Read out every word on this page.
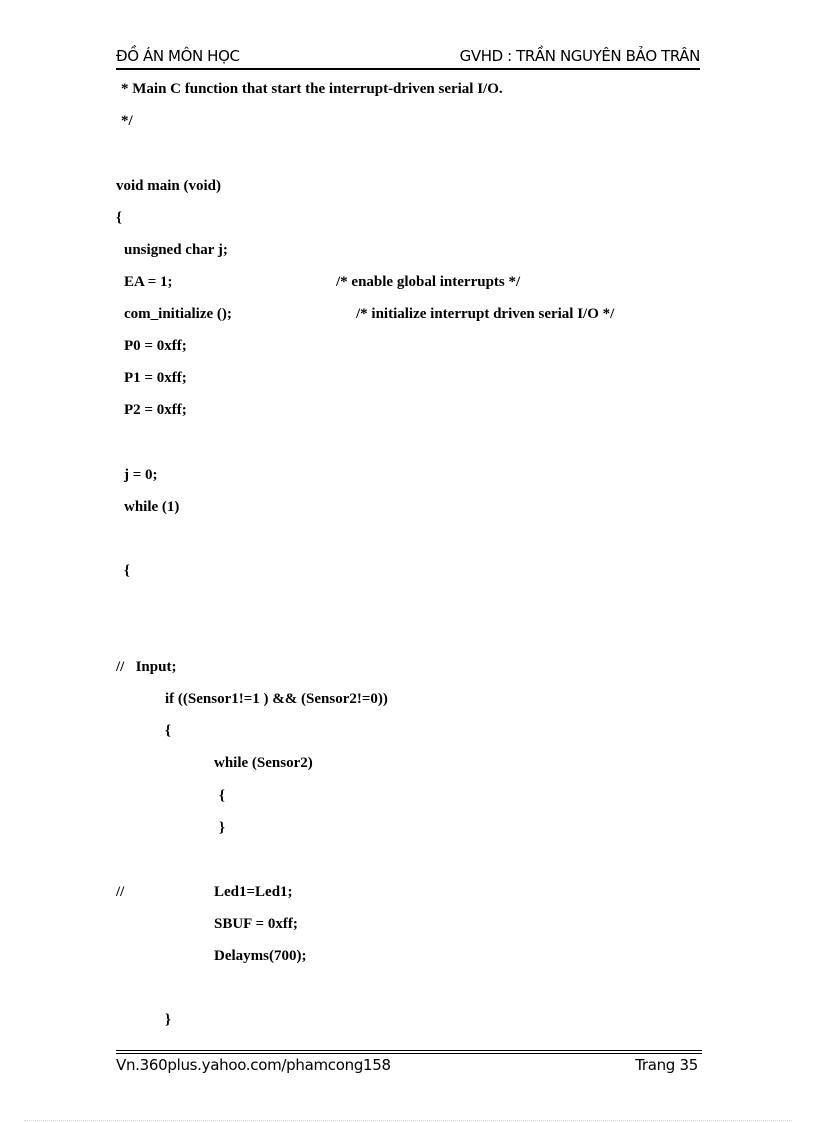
ĐỒ ÁN MÔN HỌC	GVHD : TRẦN NGUYÊN BẢO TRÂN
* Main C function that start the interrupt-driven serial I/O.
*/
void main (void)
{
unsigned char j;
EA = 1;	/* enable global interrupts */
com_initialize ();	/* initialize interrupt driven serial I/O */
P0 = 0xff;
P1 = 0xff;
P2 = 0xff;
j = 0;
while (1)
{
//   Input;
if ((Sensor1!=1 ) && (Sensor2!=0))
{
while (Sensor2)
{
}
//	Led1=Led1;
SBUF = 0xff;
Delayms(700);
}
Vn.360plus.yahoo.com/phamcong158	Trang 35
